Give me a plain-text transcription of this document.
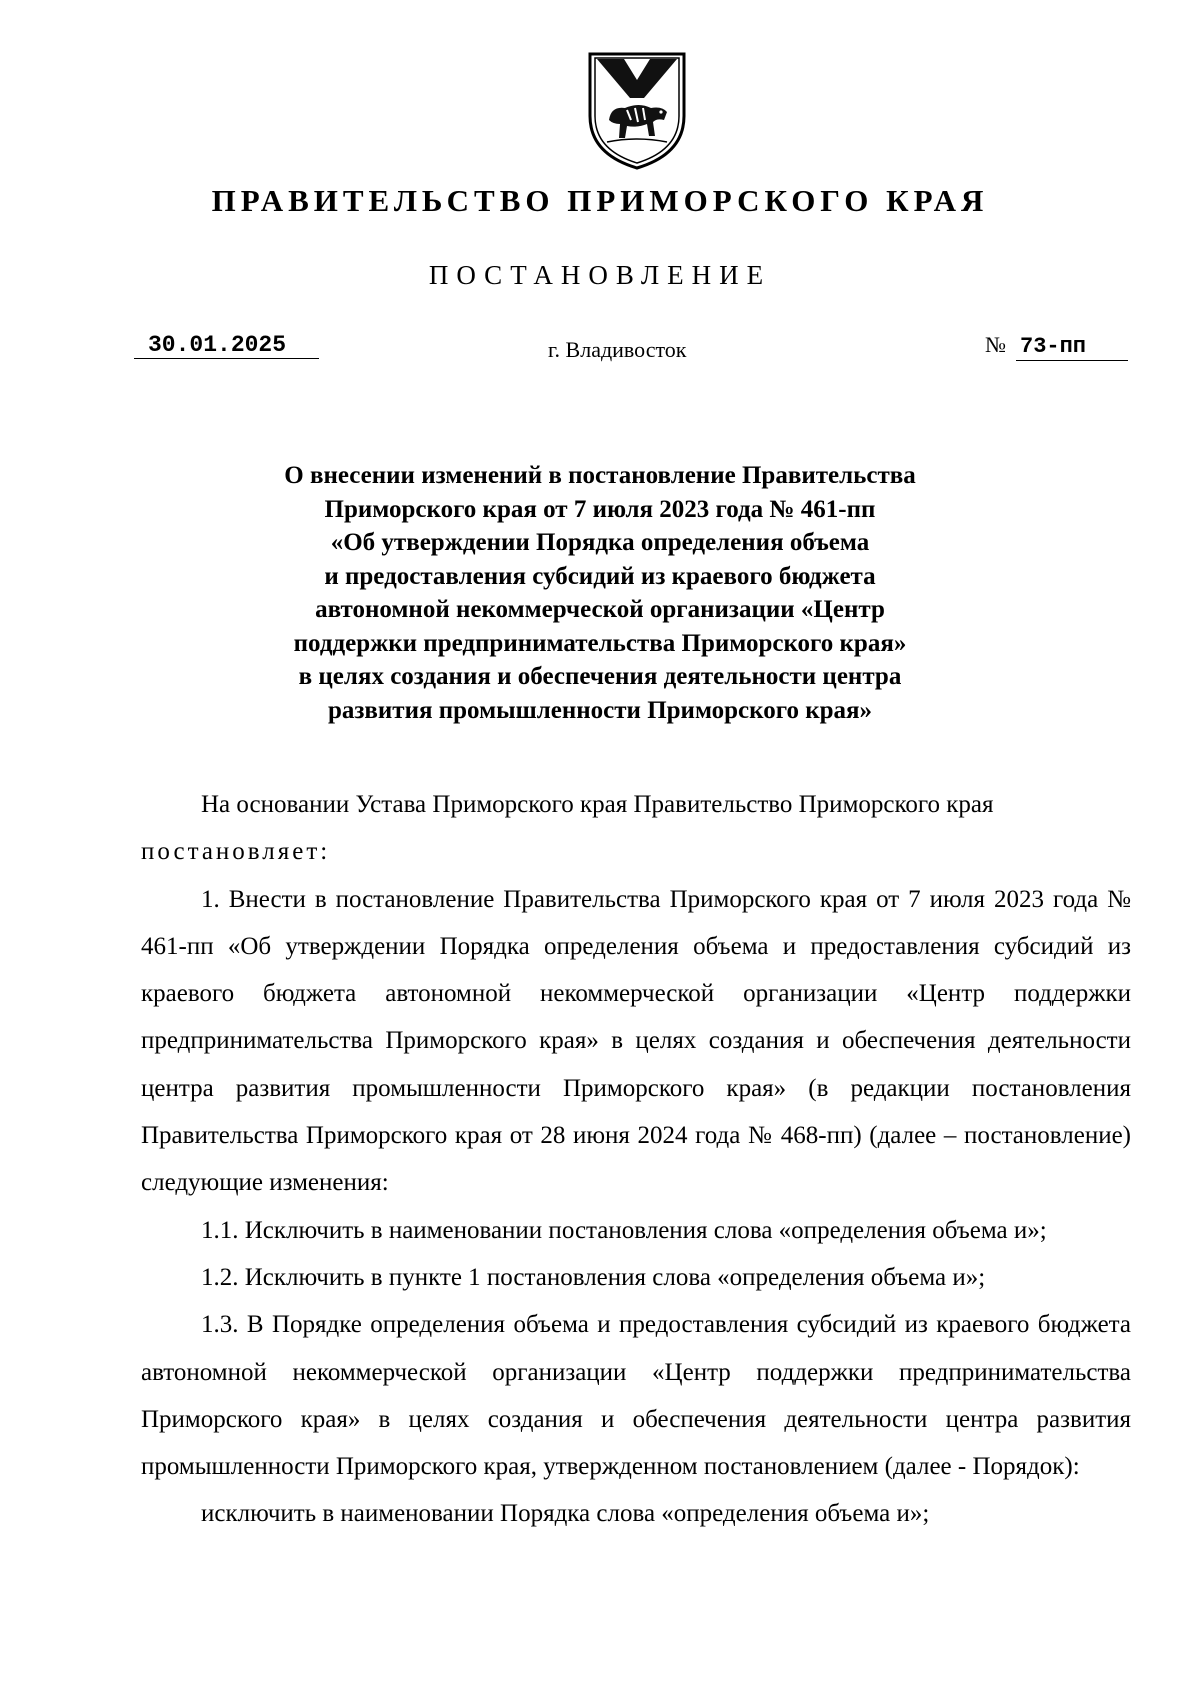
ПРАВИТЕЛЬСТВО ПРИМОРСКОГО КРАЯ
ПОСТАНОВЛЕНИЕ
30.01.2025	г. Владивосток	№ 73-пп
О внесении изменений в постановление Правительства
Приморского края от 7 июля 2023 года № 461-пп
«Об утверждении Порядка определения объема
и предоставления субсидий из краевого бюджета
автономной некоммерческой организации «Центр
поддержки предпринимательства Приморского края»
в целях создания и обеспечения деятельности центра
развития промышленности Приморского края»

На основании Устава Приморского края Правительство Приморского края

постановляет:

1. Внести в постановление Правительства Приморского края от 7 июля 2023 года № 461-пп «Об утверждении Порядка определения объема и предоставления субсидий из краевого бюджета автономной некоммерческой организации «Центр поддержки предпринимательства Приморского края» в целях создания и обеспечения деятельности центра развития промышленности Приморского края» (в редакции постановления Правительства Приморского края от 28 июня 2024 года № 468-пп) (далее – постановление) следующие изменения:

1.1. Исключить в наименовании постановления слова «определения объема и»;

1.2. Исключить в пункте 1 постановления слова «определения объема и»;

1.3. В Порядке определения объема и предоставления субсидий из краевого бюджета автономной некоммерческой организации «Центр поддержки предпринимательства Приморского края» в целях создания и обеспечения деятельности центра развития промышленности Приморского края, утвержденном постановлением (далее - Порядок):

исключить в наименовании Порядка слова «определения объема и»;
